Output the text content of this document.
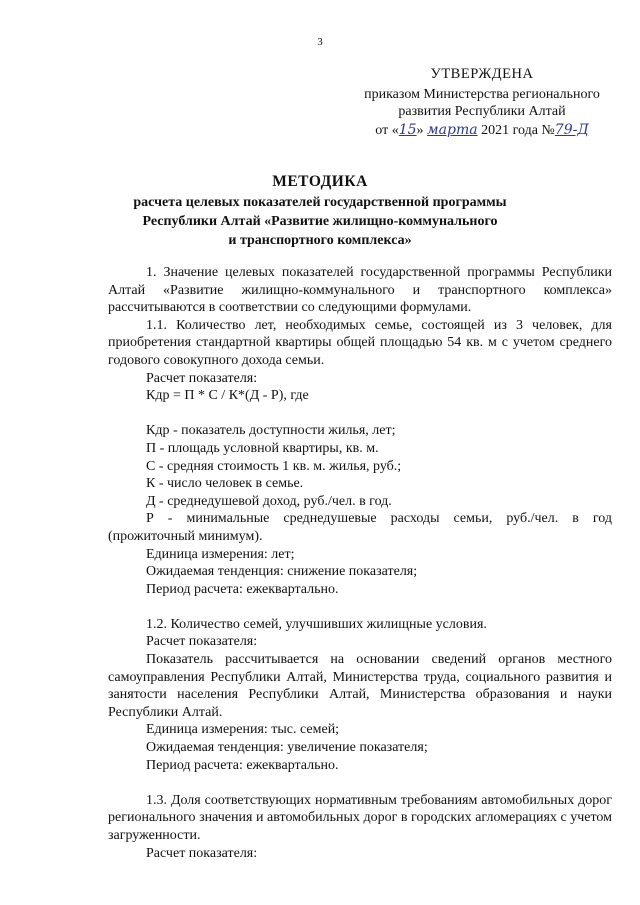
3
УТВЕРЖДЕНА
приказом Министерства регионального
развития Республики Алтай
от «15» марта 2021 года №79-Д
МЕТОДИКА
расчета целевых показателей государственной программы
Республики Алтай «Развитие жилищно-коммунального
и транспортного комплекса»

1. Значение целевых показателей государственной программы Республики Алтай «Развитие жилищно-коммунального и транспортного комплекса» рассчитываются в соответствии со следующими формулами.

1.1. Количество лет, необходимых семье, состоящей из 3 человек, для приобретения стандартной квартиры общей площадью 54 кв. м с учетом среднего годового совокупного дохода семьи.

Расчет показателя:

Кдр = П * С / К*(Д - Р), где

Кдр - показатель доступности жилья, лет;

П - площадь условной квартиры, кв. м.

С - средняя стоимость 1 кв. м. жилья, руб.;

К - число человек в семье.

Д - среднедушевой доход, руб./чел. в год.

Р - минимальные среднедушевые расходы семьи, руб./чел. в год (прожиточный минимум).

Единица измерения: лет;

Ожидаемая тенденция: снижение показателя;

Период расчета: ежеквартально.

1.2. Количество семей, улучшивших жилищные условия.

Расчет показателя:

Показатель рассчитывается на основании сведений органов местного самоуправления Республики Алтай, Министерства труда, социального развития и занятости населения Республики Алтай, Министерства образования и науки Республики Алтай.

Единица измерения: тыс. семей;

Ожидаемая тенденция: увеличение показателя;

Период расчета: ежеквартально.

1.3. Доля соответствующих нормативным требованиям автомобильных дорог регионального значения и автомобильных дорог в городских агломерациях с учетом загруженности.

Расчет показателя:
